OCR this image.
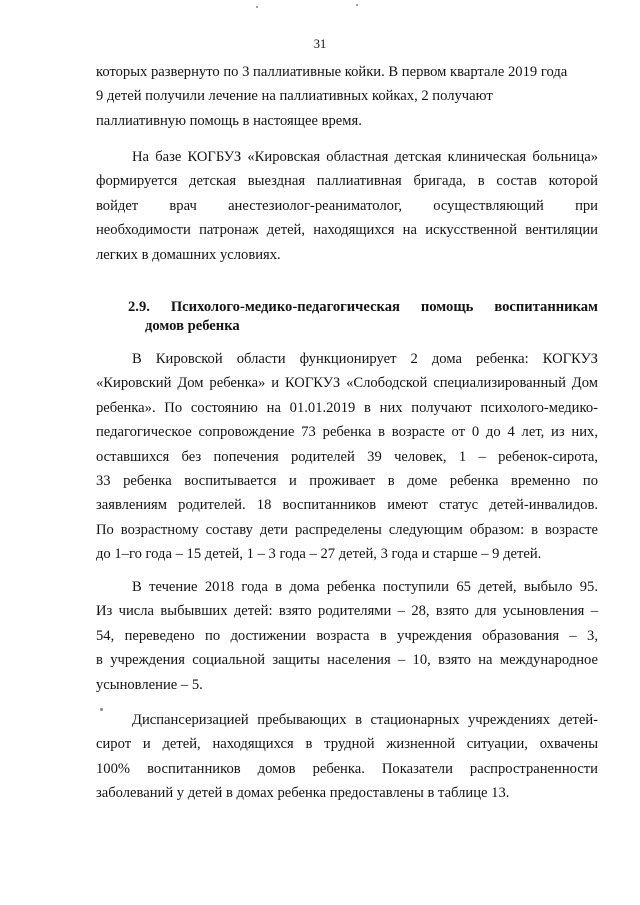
31
которых развернуто по 3 паллиативные койки. В первом квартале 2019 года
9 детей получили лечение на паллиативных койках, 2 получают
паллиативную помощь в настоящее время.
На базе КОГБУЗ «Кировская областная детская клиническая больница»
формируется детская выездная паллиативная бригада, в состав которой
войдет врач анестезиолог-реаниматолог, осуществляющий при
необходимости патронаж детей, находящихся на искусственной вентиляции
легких в домашних условиях.
2.9. Психолого-медико-педагогическая помощь воспитанникам
домов ребенка
В Кировской области функционирует 2 дома ребенка: КОГКУЗ
«Кировский Дом ребенка» и КОГКУЗ «Слободской специализированный Дом
ребенка». По состоянию на 01.01.2019 в них получают психолого-медико-
педагогическое сопровождение 73 ребенка в возрасте от 0 до 4 лет, из них,
оставшихся без попечения родителей 39 человек, 1 – ребенок-сирота,
33 ребенка воспитывается и проживает в доме ребенка временно по
заявлениям родителей. 18 воспитанников имеют статус детей-инвалидов.
По возрастному составу дети распределены следующим образом: в возрасте
до 1–го года – 15 детей, 1 – 3 года – 27 детей, 3 года и старше – 9 детей.
В течение 2018 года в дома ребенка поступили 65 детей, выбыло 95.
Из числа выбывших детей: взято родителями – 28, взято для усыновления –
54, переведено по достижении возраста в учреждения образования – 3,
в учреждения социальной защиты населения – 10, взято на международное
усыновление – 5.
Диспансеризацией пребывающих в стационарных учреждениях детей-
сирот и детей, находящихся в трудной жизненной ситуации, охвачены
100% воспитанников домов ребенка. Показатели распространенности
заболеваний у детей в домах ребенка предоставлены в таблице 13.
